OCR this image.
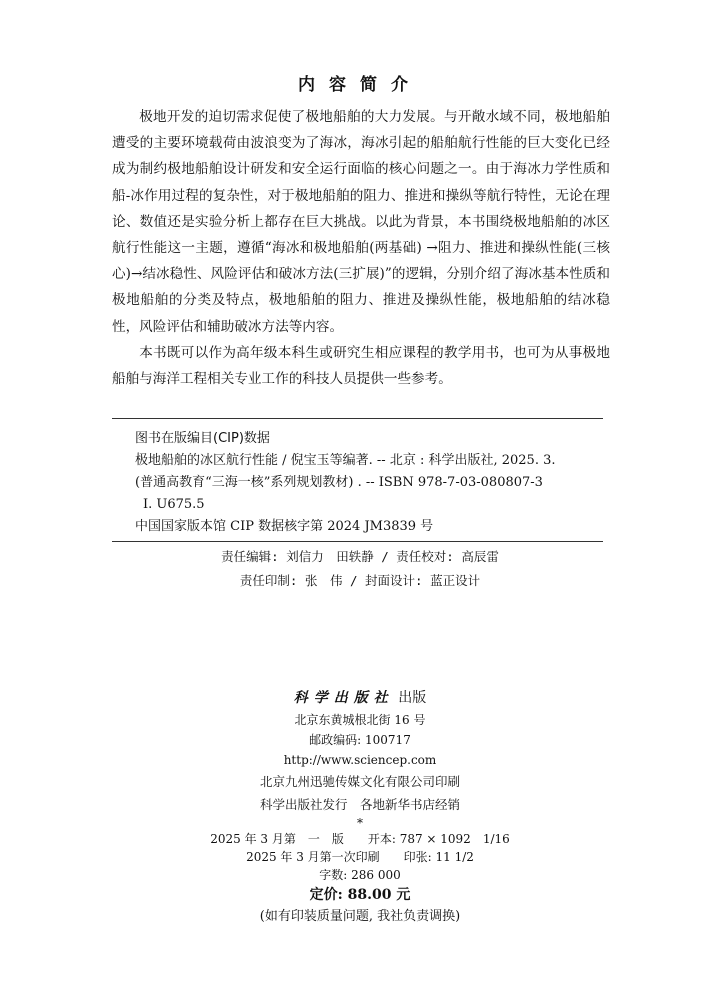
内容简介

极地开发的迫切需求促使了极地船舶的大力发展。与开敞水域不同，极地船舶遭受的主要环境载荷由波浪变为了海冰，海冰引起的船舶航行性能的巨大变化已经成为制约极地船舶设计研发和安全运行面临的核心问题之一。由于海冰力学性质和船-冰作用过程的复杂性，对于极地船舶的阻力、推进和操纵等航行特性，无论在理论、数值还是实验分析上都存在巨大挑战。以此为背景，本书围绕极地船舶的冰区航行性能这一主题，遵循“海冰和极地船舶(两基础) →阻力、推进和操纵性能(三核心)→结冰稳性、风险评估和破冰方法(三扩展)”的逻辑，分别介绍了海冰基本性质和极地船舶的分类及特点，极地船舶的阻力、推进及操纵性能，极地船舶的结冰稳性，风险评估和辅助破冰方法等内容。

本书既可以作为高年级本科生或研究生相应课程的教学用书，也可为从事极地船舶与海洋工程相关专业工作的科技人员提供一些参考。

图书在版编目(CIP)数据
极地船舶的冰区航行性能 / 倪宝玉等编著. -- 北京 : 科学出版社, 2025. 3.
(普通高教育“三海一核”系列规划教材) . -- ISBN 978-7-03-080807-3
Ⅰ. U675.5
中国国家版本馆 CIP 数据核字第 2024 JM3839 号
责任编辑: 刘信力　田轶静 / 责任校对: 高辰雷
责任印制: 张　伟 / 封面设计: 蓝正设计
科学出版社 出版
北京东黄城根北街 16 号
邮政编码: 100717
http://www.sciencep.com
北京九州迅驰传媒文化有限公司印刷
科学出版社发行　各地新华书店经销
*
2025 年 3 月第　一　版　　开本: 787 × 1092　1/16
2025 年 3 月第一次印刷　　印张: 11 1/2
字数: 286 000
定价: 88.00 元
(如有印装质量问题, 我社负责调换)
